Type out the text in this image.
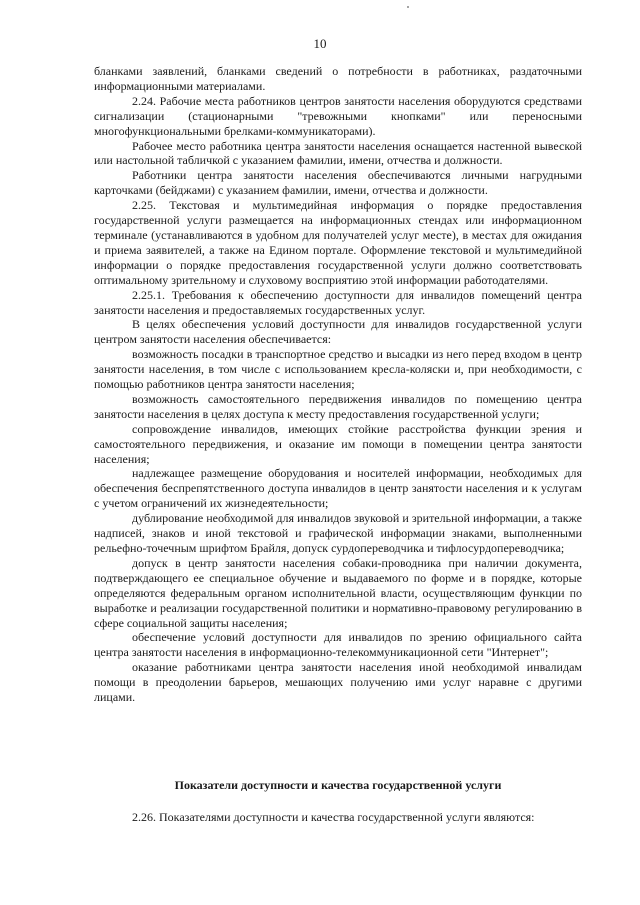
10

бланками заявлений, бланками сведений о потребности в работниках, раздаточными информационными материалами.

2.24. Рабочие места работников центров занятости населения оборудуются средствами сигнализации (стационарными "тревожными кнопками" или переносными многофункциональными брелками-коммуникаторами).

Рабочее место работника центра занятости населения оснащается настенной вывеской или настольной табличкой с указанием фамилии, имени, отчества и должности.

Работники центра занятости населения обеспечиваются личными нагрудными карточками (бейджами) с указанием фамилии, имени, отчества и должности.

2.25. Текстовая и мультимедийная информация о порядке предоставления государственной услуги размещается на информационных стендах или информационном терминале (устанавливаются в удобном для получателей услуг месте), в местах для ожидания и приема заявителей, а также на Едином портале. Оформление текстовой и мультимедийной информации о порядке предоставления государственной услуги должно соответствовать оптимальному зрительному и слуховому восприятию этой информации работодателями.

2.25.1. Требования к обеспечению доступности для инвалидов помещений центра занятости населения и предоставляемых государственных услуг.

В целях обеспечения условий доступности для инвалидов государственной услуги центром занятости населения обеспечивается:

возможность посадки в транспортное средство и высадки из него перед входом в центр занятости населения, в том числе с использованием кресла-коляски и, при необходимости, с помощью работников центра занятости населения;

возможность самостоятельного передвижения инвалидов по помещению центра занятости населения в целях доступа к месту предоставления государственной услуги;

сопровождение инвалидов, имеющих стойкие расстройства функции зрения и самостоятельного передвижения, и оказание им помощи в помещении центра занятости населения;

надлежащее размещение оборудования и носителей информации, необходимых для обеспечения беспрепятственного доступа инвалидов в центр занятости населения и к услугам с учетом ограничений их жизнедеятельности;

дублирование необходимой для инвалидов звуковой и зрительной информации, а также надписей, знаков и иной текстовой и графической информации знаками, выполненными рельефно-точечным шрифтом Брайля, допуск сурдопереводчика и тифлосурдопереводчика;

допуск в центр занятости населения собаки-проводника при наличии документа, подтверждающего ее специальное обучение и выдаваемого по форме и в порядке, которые определяются федеральным органом исполнительной власти, осуществляющим функции по выработке и реализации государственной политики и нормативно-правовому регулированию в сфере социальной защиты населения;

обеспечение условий доступности для инвалидов по зрению официального сайта центра занятости населения в информационно-телекоммуникационной сети "Интернет";

оказание работниками центра занятости населения иной необходимой инвалидам помощи в преодолении барьеров, мешающих получению ими услуг наравне с другими лицами.

Показатели доступности и качества государственной услуги

2.26. Показателями доступности и качества государственной услуги являются:
